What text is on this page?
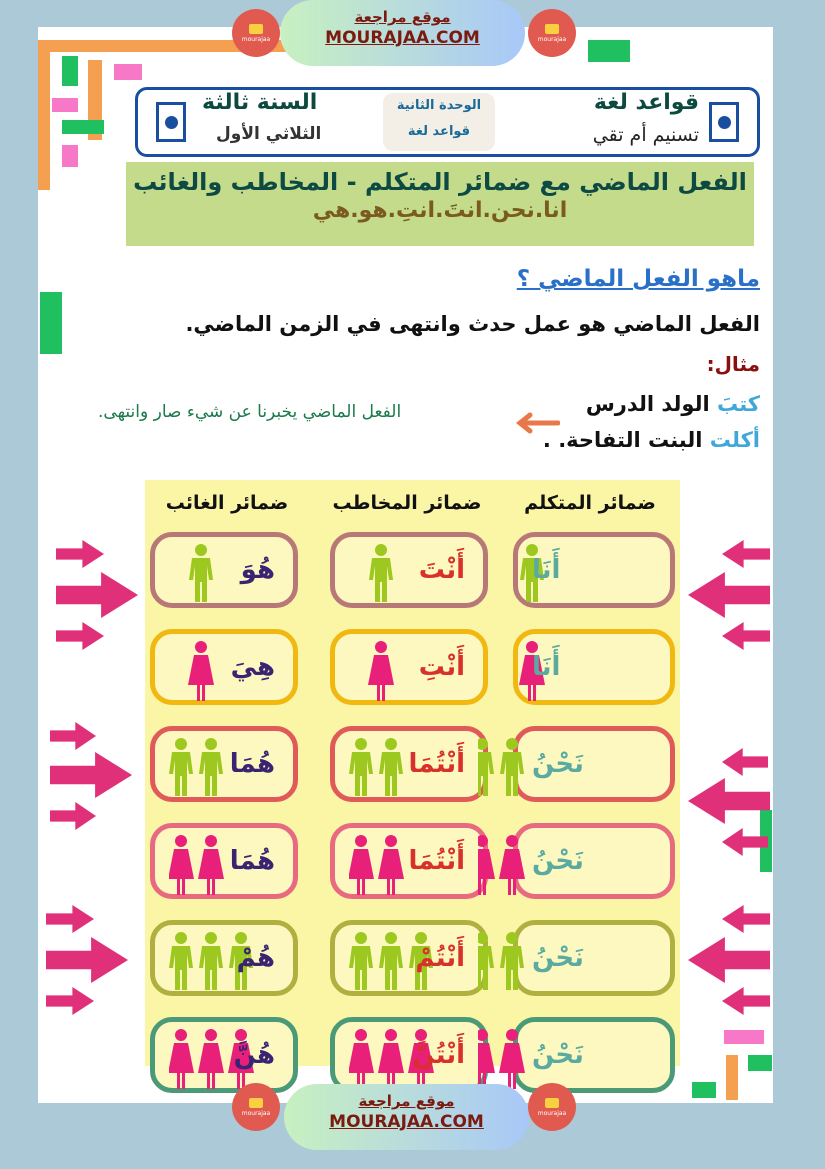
mourajaa
موقع مراجعة
MOURAJAA.COM	mourajaa
قواعد لغة
تسنيم أم تقي
السنة ثالثة
الثلاثي الأول
الوحدة الثانية
قواعد لغة
الفعل الماضي مع ضمائر المتكلم - المخاطب والغائب
انا.نحن.انتَ.انتِ.هو.هي
ماهو الفعل الماضي ؟
الفعل الماضي هو عمل حدث وانتهى في الزمن الماضي.
مثال:
كتبَ الولد الدرس
أكلت البنت التفاحة. .
الفعل الماضي يخبرنا عن شيء صار وانتهى.
ضمائر الغائب	ضمائر المخاطب	ضمائر المتكلم
هُوَ	أَنْتَ	أَنَا
هِيَ	أَنْتِ	أَنَا
هُمَا	أَنْتُمَا	نَحْنُ
هُمَا	أَنْتُمَا	نَحْنُ
هُمْ	أَنْتُمْ	نَحْنُ
هُنَّ	أَنْتُنَّ	نَحْنُ
mourajaa
موقع مراجعة
MOURAJAA.COM	mourajaa
